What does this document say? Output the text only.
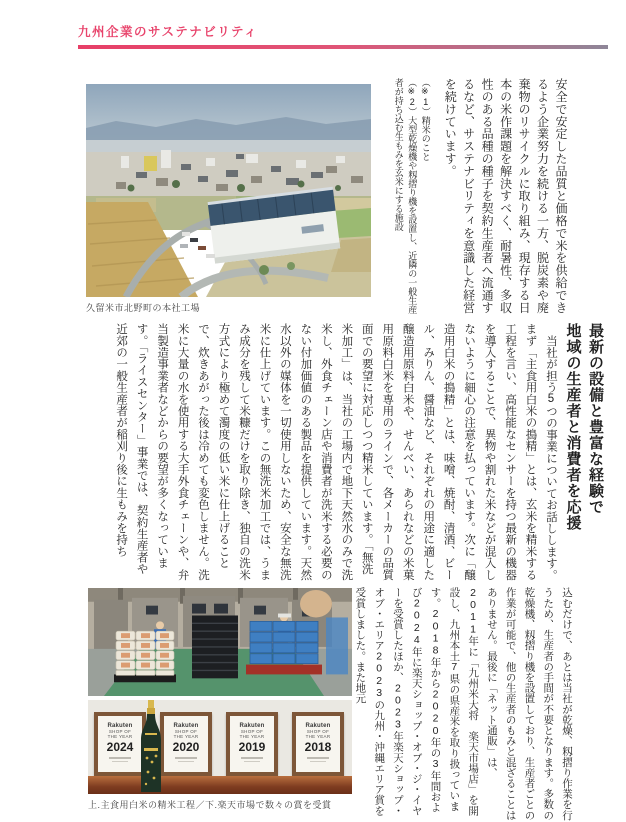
九州企業のサステナビリティ

安全で安定した品質と価格で米を供給できるよう企業努力を続ける一方、脱炭素や廃棄物のリサイクルに取り組み、現存する日本の米作課題を解決すべく、耐暑性、多収性のある品種の種子を契約生産者へ流通するなど、サステナビリティを意識した経営を続けています。

（※1）精米のこと

（※2）大型乾燥機や籾摺り機を設置し、近隣の一般生産者が持ち込む生もみを玄米にする施設

久留米市北野町の本社工場
最新の設備と豊富な経験で
地域の生産者と消費者を応援

　当社が担う5つの事業についてお話しします。まず「主食用白米の搗精」とは、玄米を精米する工程を言い、高性能なセンサーを持つ最新の機器を導入することで、異物や割れた米などが混入しないように細心の注意を払っています。次に「醸造用白米の搗精」とは、味噌、焼酎、清酒、ビール、みりん、醤油など、それぞれの用途に適した醸造用原料白米や、せんべい、あられなどの米菓用原料白米を専用のラインで、各メーカーの品質面での要望に対応しつつ精米しています。「無洗米加工」は、当社の工場内で地下天然水のみで洗米し、外食チェーン店や消費者が洗米する必要のない付加価値のある製品を提供しています。天然水以外の媒体を一切使用しないため、安全な無洗米に仕上げています。この無洗米加工では、うまみ成分を残して米糠だけを取り除き、独自の洗米方式により極めて濁度の低い米に仕上げることで、炊きあがった後は冷めても変色しません。洗米に大量の水を使用する大手外食チェーンや、弁当製造事業者などからの要望が多くなっています。「ライスセンター」事業では、契約生産者や近郊の一般生産者が稲刈り後に生もみを持ち

Rakuten
SHOP OF
THE YEAR
2024
Rakuten
SHOP OF
THE YEAR
2020
Rakuten
SHOP OF
THE YEAR
2019
Rakuten
SHOP OF
THE YEAR
2018
上.主食用白米の精米工程／下.楽天市場で数々の賞を受賞	込むだけで、あとは当社が乾燥、籾摺り作業を行うため、生産者の手間が不要となります。多数の乾燥機、籾摺り機を設置しており、生産者ごとの作業が可能で、他の生産者のもみと混ざることはありません。最後に「ネット通販」は、2011年に「九州米大将　楽天市場店」を開設し、九州本土7県の県産米を取り扱っています。2018年から2020年の3年間および2024年に楽天ショップ・オブ・ジ・イヤーを受賞したほか、2023年楽天ショップ・オブ・エリア2023の九州・沖縄エリア賞を受賞しました。また地元
